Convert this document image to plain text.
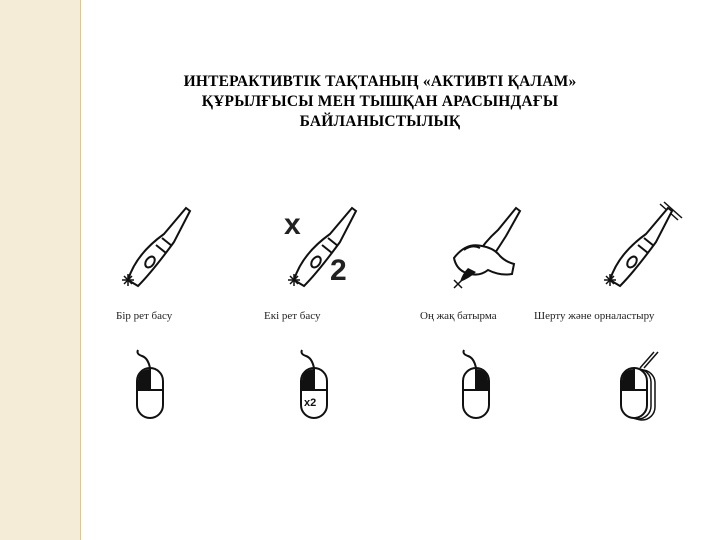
ИНТЕРАКТИВТІК ТАҚТАНЫҢ «АКТИВТІ ҚАЛАМ»
ҚҰРЫЛҒЫСЫ МЕН ТЫШҚАН АРАСЫНДАҒЫ
БАЙЛАНЫСТЫЛЫҚ
x
2
Бір рет басу	Екі рет басу	Оң жақ батырма	Шерту және орналастыру
x2
